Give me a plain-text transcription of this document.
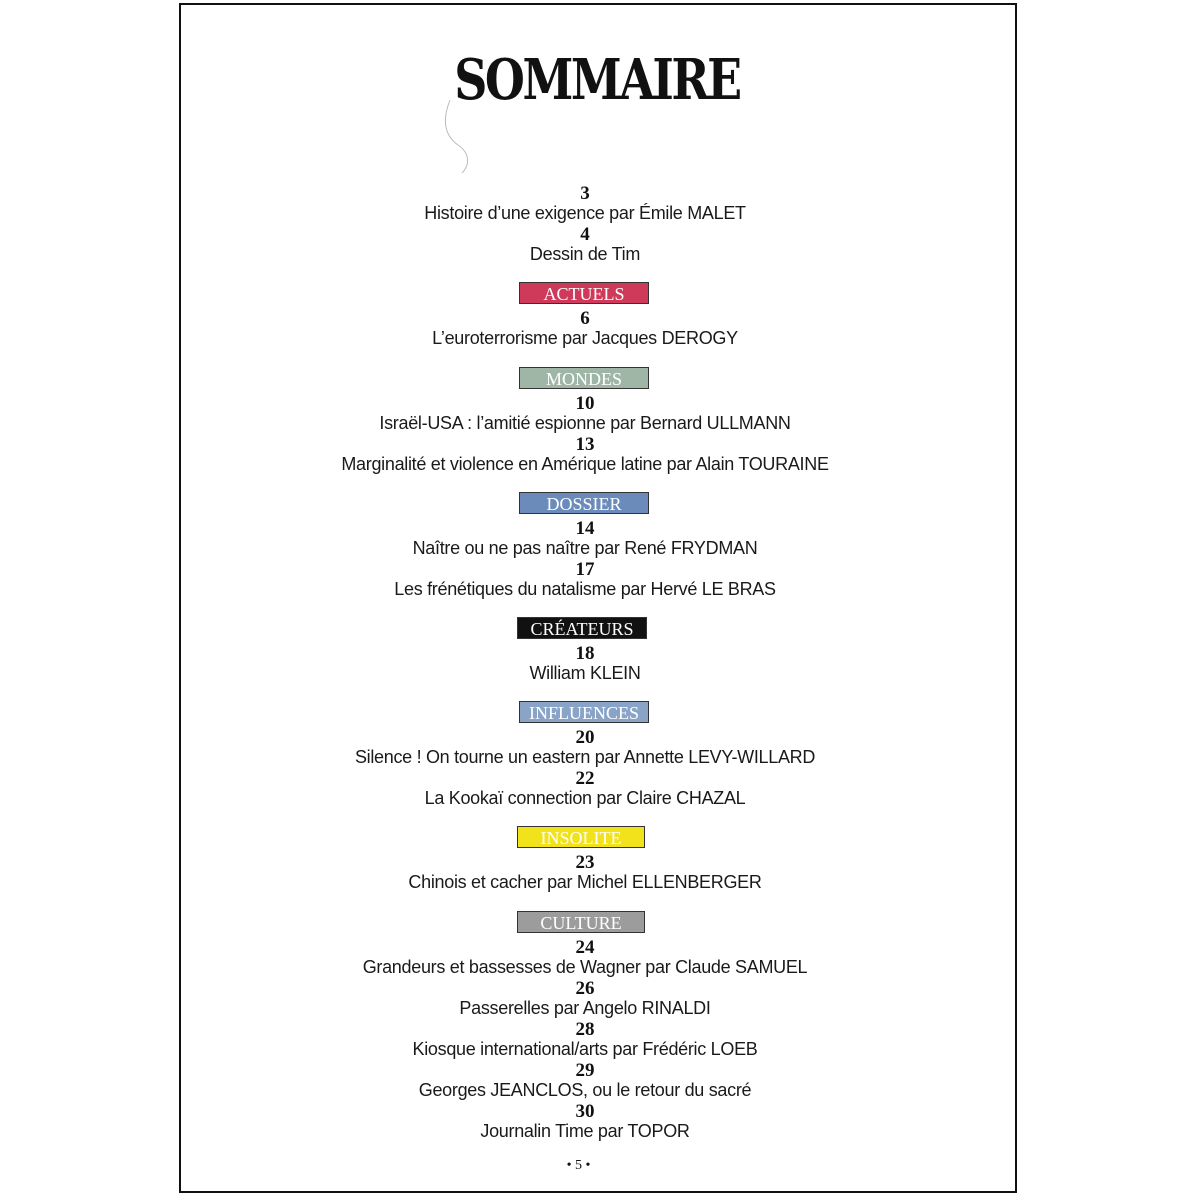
SOMMAIRE
3
Histoire d’une exigence par Émile MALET
4
Dessin de Tim
ACTUELS
6
L’euroterrorisme par Jacques DEROGY
MONDES
10
Israël-USA : l’amitié espionne par Bernard ULLMANN
13
Marginalité et violence en Amérique latine par Alain TOURAINE
DOSSIER
14
Naître ou ne pas naître par René FRYDMAN
17
Les frénétiques du natalisme par Hervé LE BRAS
CRÉATEURS
18
William KLEIN
INFLUENCES
20
Silence ! On tourne un eastern par Annette LEVY-WILLARD
22
La Kookaï connection par Claire CHAZAL
INSOLITE
23
Chinois et cacher par Michel ELLENBERGER
CULTURE
24
Grandeurs et bassesses de Wagner par Claude SAMUEL
26
Passerelles par Angelo RINALDI
28
Kiosque international/arts par Frédéric LOEB
29
Georges JEANCLOS, ou le retour du sacré
30
Journalin Time par TOPOR
• 5 •
